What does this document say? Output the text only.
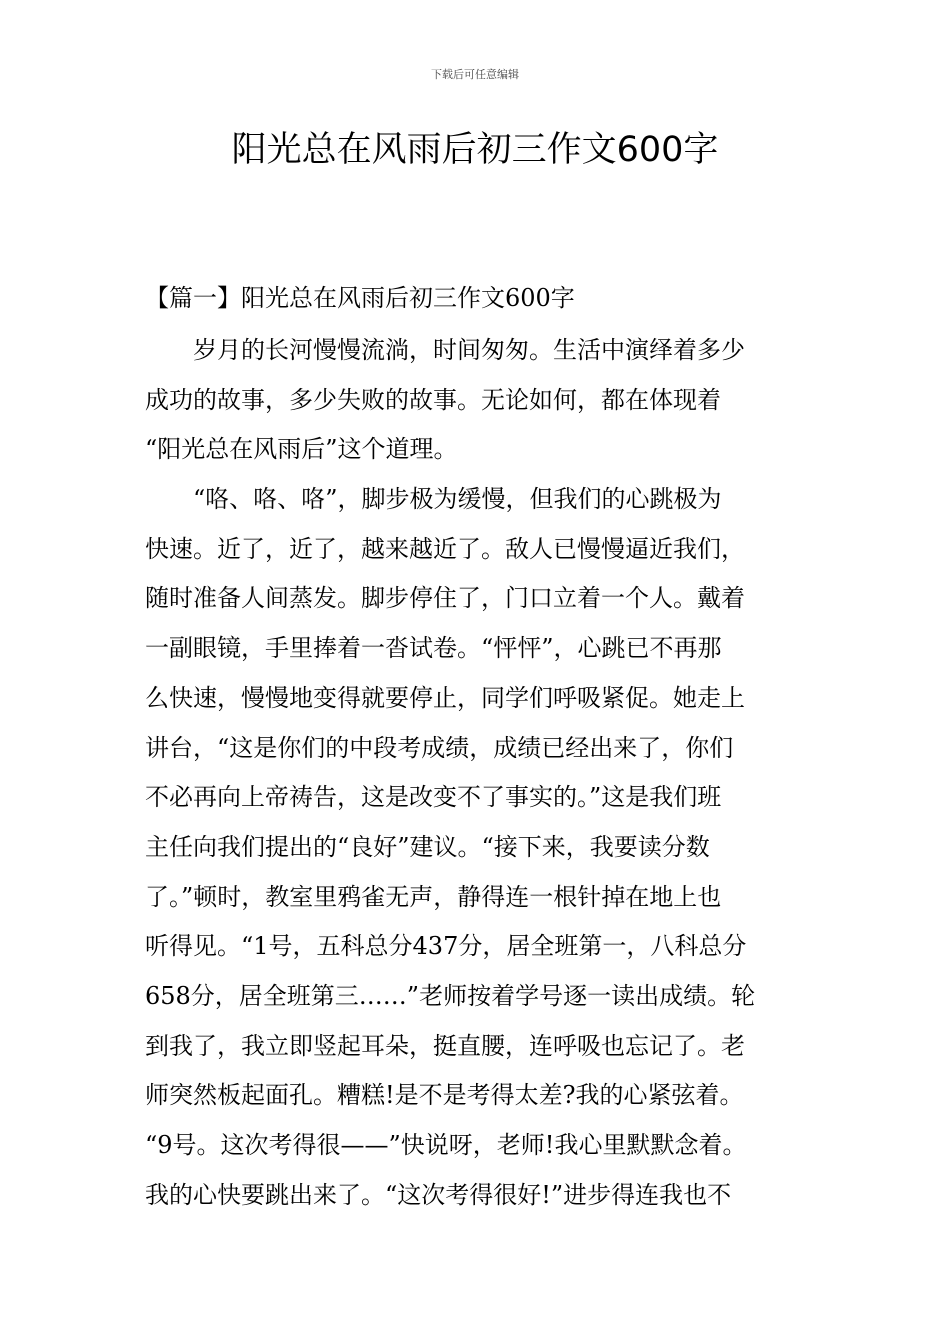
下载后可任意编辑
阳光总在风雨后初三作文600字
【篇一】阳光总在风雨后初三作文600字
　　岁月的长河慢慢流淌，时间匆匆。生活中演绎着多少
成功的故事，多少失败的故事。无论如何，都在体现着
“阳光总在风雨后”这个道理。
　　“咯、咯、咯”，脚步极为缓慢，但我们的心跳极为
快速。近了，近了，越来越近了。敌人已慢慢逼近我们，
随时准备人间蒸发。脚步停住了，门口立着一个人。戴着
一副眼镜，手里捧着一沓试卷。“怦怦”，心跳已不再那
么快速，慢慢地变得就要停止，同学们呼吸紧促。她走上
讲台，“这是你们的中段考成绩，成绩已经出来了，你们
不必再向上帝祷告，这是改变不了事实的。”这是我们班
主任向我们提出的“良好”建议。“接下来，我要读分数
了。”顿时，教室里鸦雀无声，静得连一根针掉在地上也
听得见。“1号，五科总分437分，居全班第一，八科总分
658分，居全班第三……”老师按着学号逐一读出成绩。轮
到我了，我立即竖起耳朵，挺直腰，连呼吸也忘记了。老
师突然板起面孔。糟糕!是不是考得太差?我的心紧弦着。
“9号。这次考得很——”快说呀，老师!我心里默默念着。
我的心快要跳出来了。“这次考得很好!”进步得连我也不
